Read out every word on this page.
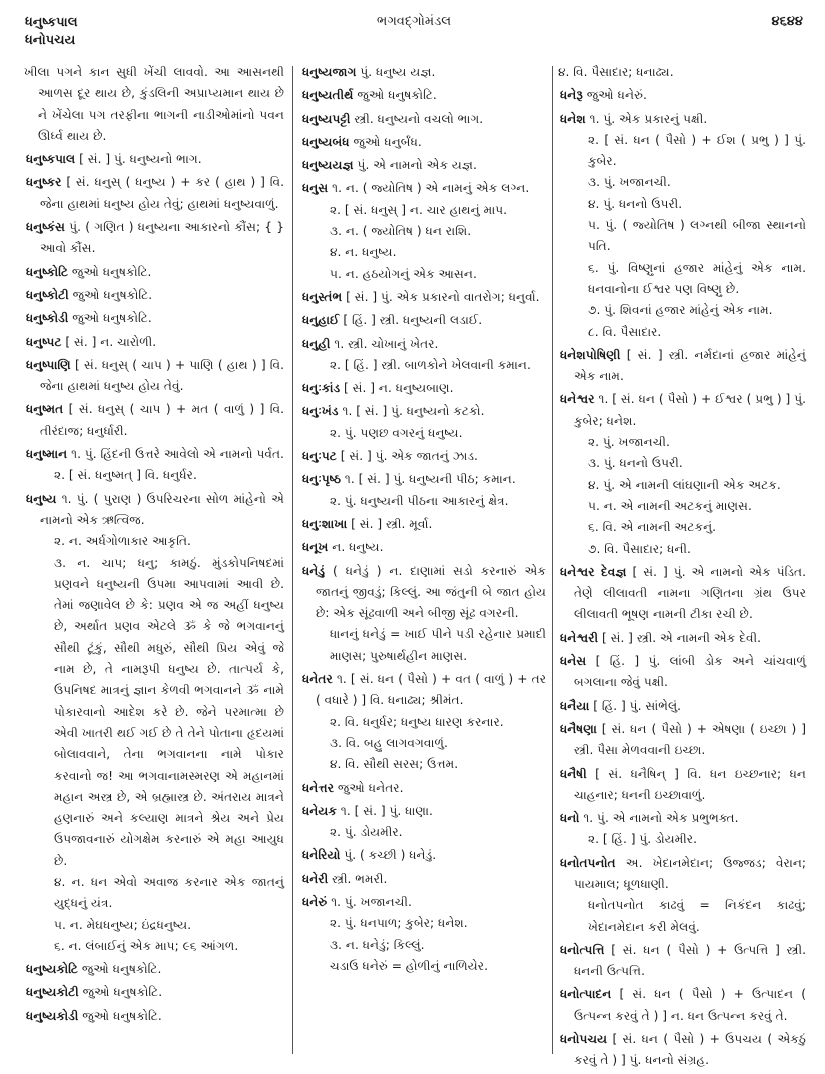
ધનુષ્કપાલ
ધનોપચય
ભગવદ્ગોમંડલ	૪૬૪૪
ખીલા પગને કાન સુધી ખેંચી લાવવો. આ આસનથી આળસ દૂર થાય છે, કુંડલિની અપ્રાપ્યમાન થાય છે ને ખેંચેલા પગ તરફીના ભાગની નાડીઓમાંનો પવન ઊર્ધ્વ થાય છે.
ધનુષ્કપાલ [ સં. ] પું. ધનુષ્યનો ભાગ.
ધનુષ્કર [ સં. ધનુસ્ ( ધનુષ્ય ) + કર ( હાથ ) ] વિ. જેના હાથમાં ધનુષ્ય હોય તેવું; હાથમાં ધનુષ્યવાળું.
ધનુષ્કંસ પું. ( ગણિત ) ધનુષ્યના આકારનો કૌંસ; { } આવો કૌંસ.
ધનુષ્કોટિ જુઓ ધનુષકોટિ.
ધનુષ્કોટી જુઓ ધનુષકોટિ.
ધનુષ્કોડી જુઓ ધનુષકોટિ.
ધનુષ્પટ [ સં. ] ન. ચારોળી.
ધનુષ્પાણિ [ સં. ધનુસ્ ( ચાપ ) + પાણિ ( હાથ ) ] વિ. જેના હાથમાં ધનુષ્ય હોય તેવું.
ધનુષ્મત [ સં. ધનુસ્ ( ચાપ ) + મત ( વાળું ) ] વિ. તીરંદાજ; ધનુર્ધારી.
ધનુષ્માન ૧. પું. હિંદની ઉત્તરે આવેલો એ નામનો પર્વત.
૨. [ સં. ધનુષ્મત્ ] વિ. ધનુર્ધર.
ધનુષ્ય ૧. પું. ( પુરાણ ) ઉપરિચરના સોળ માંહેનો એ નામનો એક ઋત્વિજ.
૨. ન. અર્ધગોળાકાર આકૃતિ.
૩. ન. ચાપ; ધનુ; કામઠું. મુંડકોપનિષદમાં પ્રણવને ધનુષ્યની ઉપમા આપવામાં આવી છે. તેમાં જણાવેલ છે કે: પ્રણવ એ જ અહીં ધનુષ્ય છે, અર્થાત પ્રણવ એટલે ૐ કે જે ભગવાનનું સૌથી ટૂંકું, સૌથી મધુરું, સૌથી પ્રિય એવું જે નામ છે, તે નામરૂપી ધનુષ્ય છે. તાત્પર્ય કે, ઉપનિષદ માત્રનું જ્ઞાન કેળવી ભગવાનને ૐ નામે પોકારવાનો આદેશ કરે છે. જેને પરમાત્મા છે એવી ખાતરી થઈ ગઈ છે તે તેને પોતાના હૃદયમાં બોલાવવાને, તેના ભગવાનના નામે પોકાર કરવાનો જ! આ ભગવાનામસ્મરણ એ મહાનમાં મહાન અસ્ત્ર છે, એ બ્રહ્માસ્ત્ર છે. અંતરાય માત્રને હણનારું અને કલ્યાણ માત્રને શ્રેય અને પ્રેય ઉપજાવનારું યોગક્ષેમ કરનારું એ મહા આયુધ છે.
૪. ન. ધન એવો અવાજ કરનાર એક જાતનું યુદ્ધનું યંત્ર.
૫. ન. મેઘધનુષ્ય; ઇંદ્રધનુષ્ય.
૬. ન. લંબાઈનું એક માપ; ૯૬ આંગળ.
ધનુષ્યકોટિ જુઓ ધનુષકોટિ.
ધનુષ્યકોટી જુઓ ધનુષકોટિ.
ધનુષ્યકોડી જુઓ ધનુષકોટિ.
ધનુષ્યજાગ પું. ધનુષ્ય યજ્ઞ.
ધનુષ્યતીર્થ જુઓ ધનુષકોટિ.
ધનુષ્યપટ્ટી સ્ત્રી. ધનુષ્યનો વચલો ભાગ.
ધનુષ્યબંધ જુઓ ધનુર્બંધ.
ધનુષ્યયજ્ઞ પું. એ નામનો એક યજ્ઞ.
ધનુસ ૧. ન. ( જ્યોતિષ ) એ નામનું એક લગ્ન.
૨. [ સં. ધનુસ્ ] ન. ચાર હાથનું માપ.
૩. ન. ( જ્યોતિષ ) ધન રાશિ.
૪. ન. ધનુષ્ય.
૫. ન. હઠયોગનું એક આસન.
ધનુસ્તંભ [ સં. ] પું. એક પ્રકારનો વાતરોગ; ધનુર્વા.
ધનુહાઈ [ હિં. ] સ્ત્રી. ધનુષ્યની લડાઈ.
ધનુહી ૧. સ્ત્રી. ચોખાનું ખેતર.
૨. [ હિં. ] સ્ત્રી. બાળકોને ખેલવાની કમાન.
ધનુઃકાંડ [ સં. ] ન. ધનુષ્યબાણ.
ધનુઃખંડ ૧. [ સં. ] પું. ધનુષ્યનો કટકો.
૨. પું. પણછ વગરનું ધનુષ્ય.
ધનુઃપટ [ સં. ] પું. એક જાતનું ઝાડ.
ધનુઃપૃષ્ઠ ૧. [ સં. ] પું. ધનુષ્યની પીઠ; કમાન.
૨. પું. ધનુષ્યની પીઠના આકારનું ક્ષેત્ર.
ધનુઃશાખા [ સં. ] સ્ત્રી. મૂર્વા.
ધનૂખ ન. ધનુષ્ય.
ધનેડું ( ધનેડું ) ન. દાણામાં સડો કરનારું એક જાતનું જીવડું; કિલ્લું. આ જંતુની બે જાત હોય છે: એક સૂંઢવાળી અને બીજી સૂંઢ વગરની.
ધાનનું ધનેડું = ખાઈ પીને પડી રહેનાર પ્રમાદી માણસ; પુરુષાર્થહીન માણસ.
ધનેતર ૧. [ સં. ધન ( પૈસો ) + વત ( વાળું ) + તર ( વધારે ) ] વિ. ધનાઢ્ય; શ્રીમંત.
૨. વિ. ધનુર્ધર; ધનુષ્ય ધારણ કરનાર.
૩. વિ. બહુ લાગવગવાળું.
૪. વિ. સૌથી સરસ; ઉત્તમ.
ધનેત્તર જુઓ ધનેતર.
ધનેયક ૧. [ સં. ] પું. ધાણા.
૨. પું. ડોયમીર.
ધનેરિયો પું. ( કચ્છી ) ધનેડું.
ધનેરી સ્ત્રી. ભમરી.
ધનેરું ૧. પું. ખજાનચી.
૨. પું. ધનપાળ; કુબેર; ધનેશ.
૩. ન. ધનેડું; કિલ્લું.
ચડાઉ ધનેરું = હોળીનું નાળિયેર.
૪. વિ. પૈસાદાર; ધનાઢ્ય.
ધનેરૂ જુઓ ધનેરું.
ધનેશ ૧. પું. એક પ્રકારનું પક્ષી.
૨. [ સં. ધન ( પૈસો ) + ઈશ ( પ્રભુ ) ] પું. કુબેર.
૩. પું. ખજાનચી.
૪. પું. ધનનો ઉપરી.
૫. પું. ( જ્યોતિષ ) લગ્નથી બીજા સ્થાનનો પતિ.
૬. પું. વિષ્ણુનાં હજાર માંહેનું એક નામ. ધનવાનોના ઈશ્વર પણ વિષ્ણુ છે.
૭. પું. શિવનાં હજાર માંહેનું એક નામ.
૮. વિ. પૈસાદાર.
ધનેશપોષિણી [ સં. ] સ્ત્રી. નર્મદાનાં હજાર માંહેનું એક નામ.
ધનેશ્વર ૧. [ સં. ધન ( પૈસો ) + ઈશ્વર ( પ્રભુ ) ] પું. કુબેર; ધનેશ.
૨. પું. ખજાનચી.
૩. પું. ધનનો ઉપરી.
૪. પું. એ નામની લાંઘણાની એક અટક.
૫. ન. એ નામની અટકનું માણસ.
૬. વિ. એ નામની અટકનું.
૭. વિ. પૈસાદાર; ધની.
ધનેશ્વર દેવજ્ઞ [ સં. ] પું. એ નામનો એક પંડિત. તેણે લીલાવતી નામના ગણિતના ગ્રંથ ઉપર લીલાવતી ભૂષણ નામની ટીકા રચી છે.
ધનેશ્વરી [ સં. ] સ્ત્રી. એ નામની એક દેવી.
ધનેસ [ હિં. ] પું. લાંબી ડોક અને ચાંચવાળું બગલાના જેવું પક્ષી.
ધનૈયા [ હિં. ] પું. સાંભેલું.
ધનૈષણા [ સં. ધન ( પૈસો ) + એષણા ( ઇચ્છા ) ] સ્ત્રી. પૈસા મેળવવાની ઇચ્છા.
ધનૈષી [ સં. ધનૈષિન્ ] વિ. ધન ઇચ્છનાર; ધન ચાહનાર; ધનની ઇચ્છાવાળું.
ધનો ૧. પું. એ નામનો એક પ્રભુભક્ત.
૨. [ હિં. ] પું. ડોયમીર.
ધનોતપનોત અ. ખેદાનમેદાન; ઉજ્જડ; વેરાન; પાયમાલ; ધૂળધાણી.
ધનોતપનોત કાઢવું = નિકંદન કાઢવું; ખેદાનમેદાન કરી મેલવું.
ધનોત્પત્તિ [ સં. ધન ( પૈસો ) + ઉત્પત્તિ ] સ્ત્રી. ધનની ઉત્પત્તિ.
ધનોત્પાદન [ સં. ધન ( પૈસો ) + ઉત્પાદન ( ઉત્પન્ન કરવું તે ) ] ન. ધન ઉત્પન્ન કરવું તે.
ધનોપચય [ સં. ધન ( પૈસો ) + ઉપચય ( એકઠું કરવું તે ) ] પું. ધનનો સંગ્રહ.
